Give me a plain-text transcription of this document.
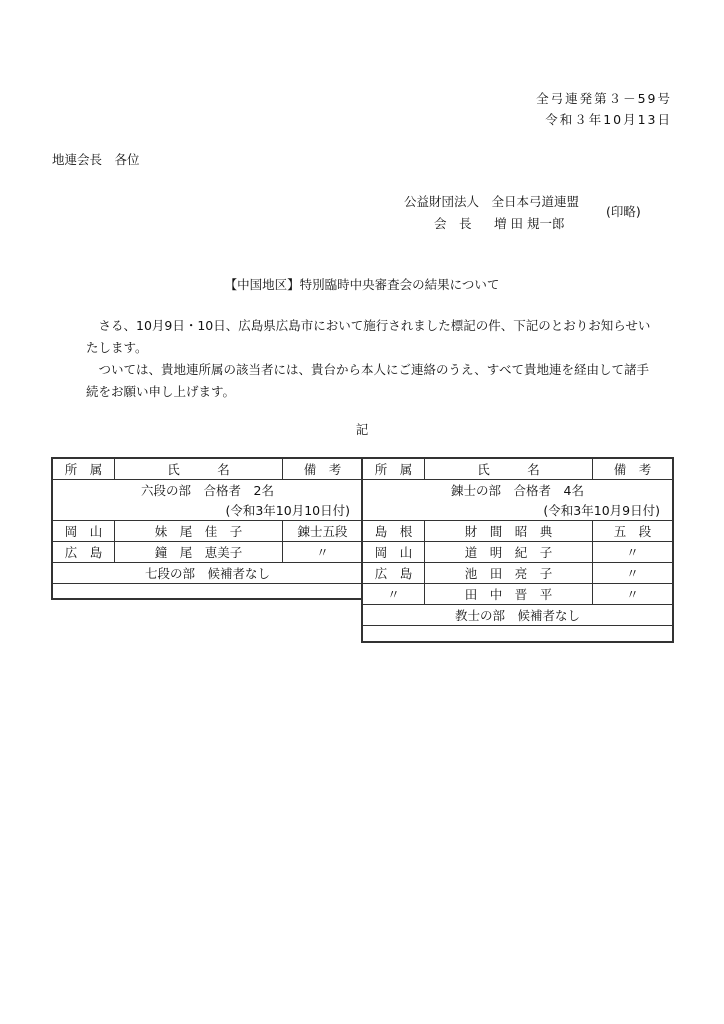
全弓連発第３－59号
令和３年10月13日
地連会長　各位
公益財団法人　全日本弓道連盟
会　長 増 田 規一郎
(印略)
【中国地区】特別臨時中央審査会の結果について

さる、10月9日・10日、広島県広島市において施行されました標記の件、下記のとおりお知らせいたします。

ついては、貴地連所属の該当者には、貴台から本人にご連絡のうえ、すべて貴地連を経由して諸手続をお願い申し上げます。

記
所　属	氏　　　名	備　考
六段の部　合格者　2名		
(令和3年10月10日付)		
岡　山	妹　尾　佳　子	錬士五段
広　島	鐘　尾　恵美子	〃
七段の部　候補者なし		
所　属	氏　　　名	備　考
錬士の部　合格者　4名		
(令和3年10月9日付)		
島　根	財　間　昭　典	五　段
岡　山	道　明　紀　子	〃
広　島	池　田　亮　子	〃
〃	田　中　晋　平	〃
教士の部　候補者なし		
